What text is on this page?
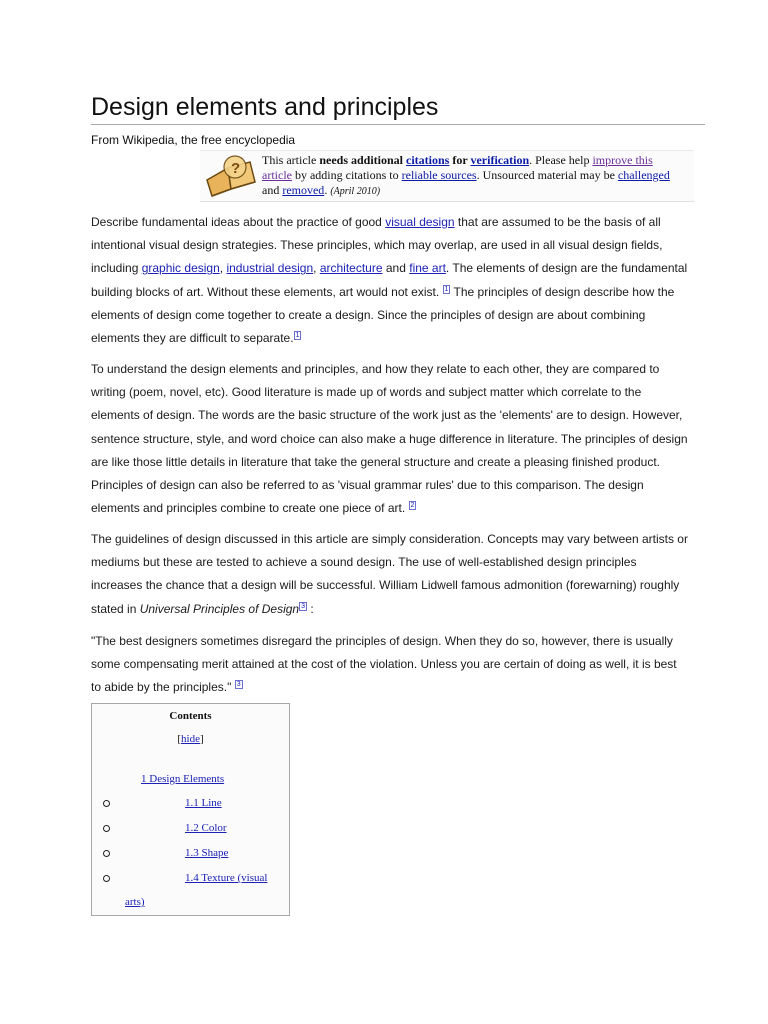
Design elements and principles
From Wikipedia, the free encyclopedia
? This article needs additional citations for verification. Please help improve this article by adding citations to reliable sources. Unsourced material may be challenged and removed. (April 2010)

Describe fundamental ideas about the practice of good visual design that are assumed to be the basis of all intentional visual design strategies. These principles, which may overlap, are used in all visual design fields, including graphic design, industrial design, architecture and fine art. The elements of design are the fundamental building blocks of art. Without these elements, art would not exist. $^1$ The principles of design describe how the elements of design come together to create a design. Since the principles of design are about combining elements they are difficult to separate. $^1$

To understand the design elements and principles, and how they relate to each other, they are compared to writing (poem, novel, etc). Good literature is made up of words and subject matter which correlate to the elements of design. The words are the basic structure of the work just as the 'elements' are to design. However, sentence structure, style, and word choice can also make a huge difference in literature. The principles of design are like those little details in literature that take the general structure and create a pleasing finished product. Principles of design can also be referred to as 'visual grammar rules' due to this comparison. The design elements and principles combine to create one piece of art. $^2$

The guidelines of design discussed in this article are simply consideration. Concepts may vary between artists or mediums but these are tested to achieve a sound design. The use of well-established design principles increases the chance that a design will be successful. William Lidwell famous admonition (forewarning) roughly stated in Universal Principles of Design $^3$ :

"The best designers sometimes disregard the principles of design. When they do so, however, there is usually some compensating merit attained at the cost of the violation. Unless you are certain of doing as well, it is best to abide by the principles." $^3$

Contents
[hide]
1 Design Elements
1.1 Line
1.2 Color
1.3 Shape
1.4 Texture (visual
arts)
